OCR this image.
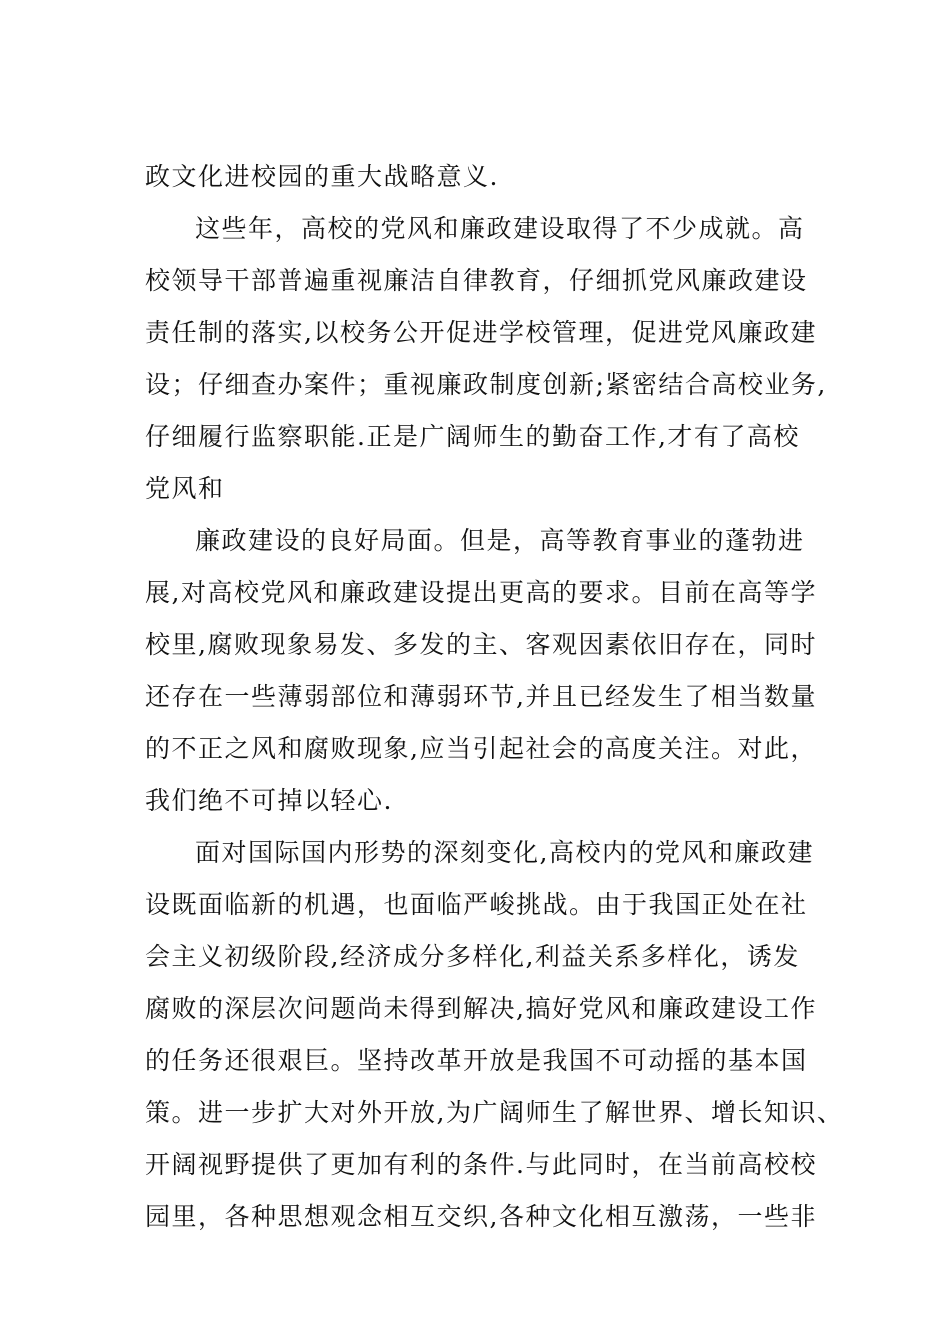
政文化进校园的重大战略意义.
这些年，高校的党风和廉政建设取得了不少成就。高
校领导干部普遍重视廉洁自律教育，仔细抓党风廉政建设
责任制的落实,以校务公开促进学校管理，促进党风廉政建
设；仔细查办案件；重视廉政制度创新;紧密结合高校业务,
仔细履行监察职能.正是广阔师生的勤奋工作,才有了高校
党风和
廉政建设的良好局面。但是，高等教育事业的蓬勃进
展,对高校党风和廉政建设提出更高的要求。目前在高等学
校里,腐败现象易发、多发的主、客观因素依旧存在，同时
还存在一些薄弱部位和薄弱环节,并且已经发生了相当数量
的不正之风和腐败现象,应当引起社会的高度关注。对此，
我们绝不可掉以轻心.
面对国际国内形势的深刻变化,高校内的党风和廉政建
设既面临新的机遇，也面临严峻挑战。由于我国正处在社
会主义初级阶段,经济成分多样化,利益关系多样化，诱发
腐败的深层次问题尚未得到解决,搞好党风和廉政建设工作
的任务还很艰巨。坚持改革开放是我国不可动摇的基本国
策。进一步扩大对外开放,为广阔师生了解世界、增长知识、
开阔视野提供了更加有利的条件.与此同时，在当前高校校
园里，各种思想观念相互交织,各种文化相互激荡，一些非
